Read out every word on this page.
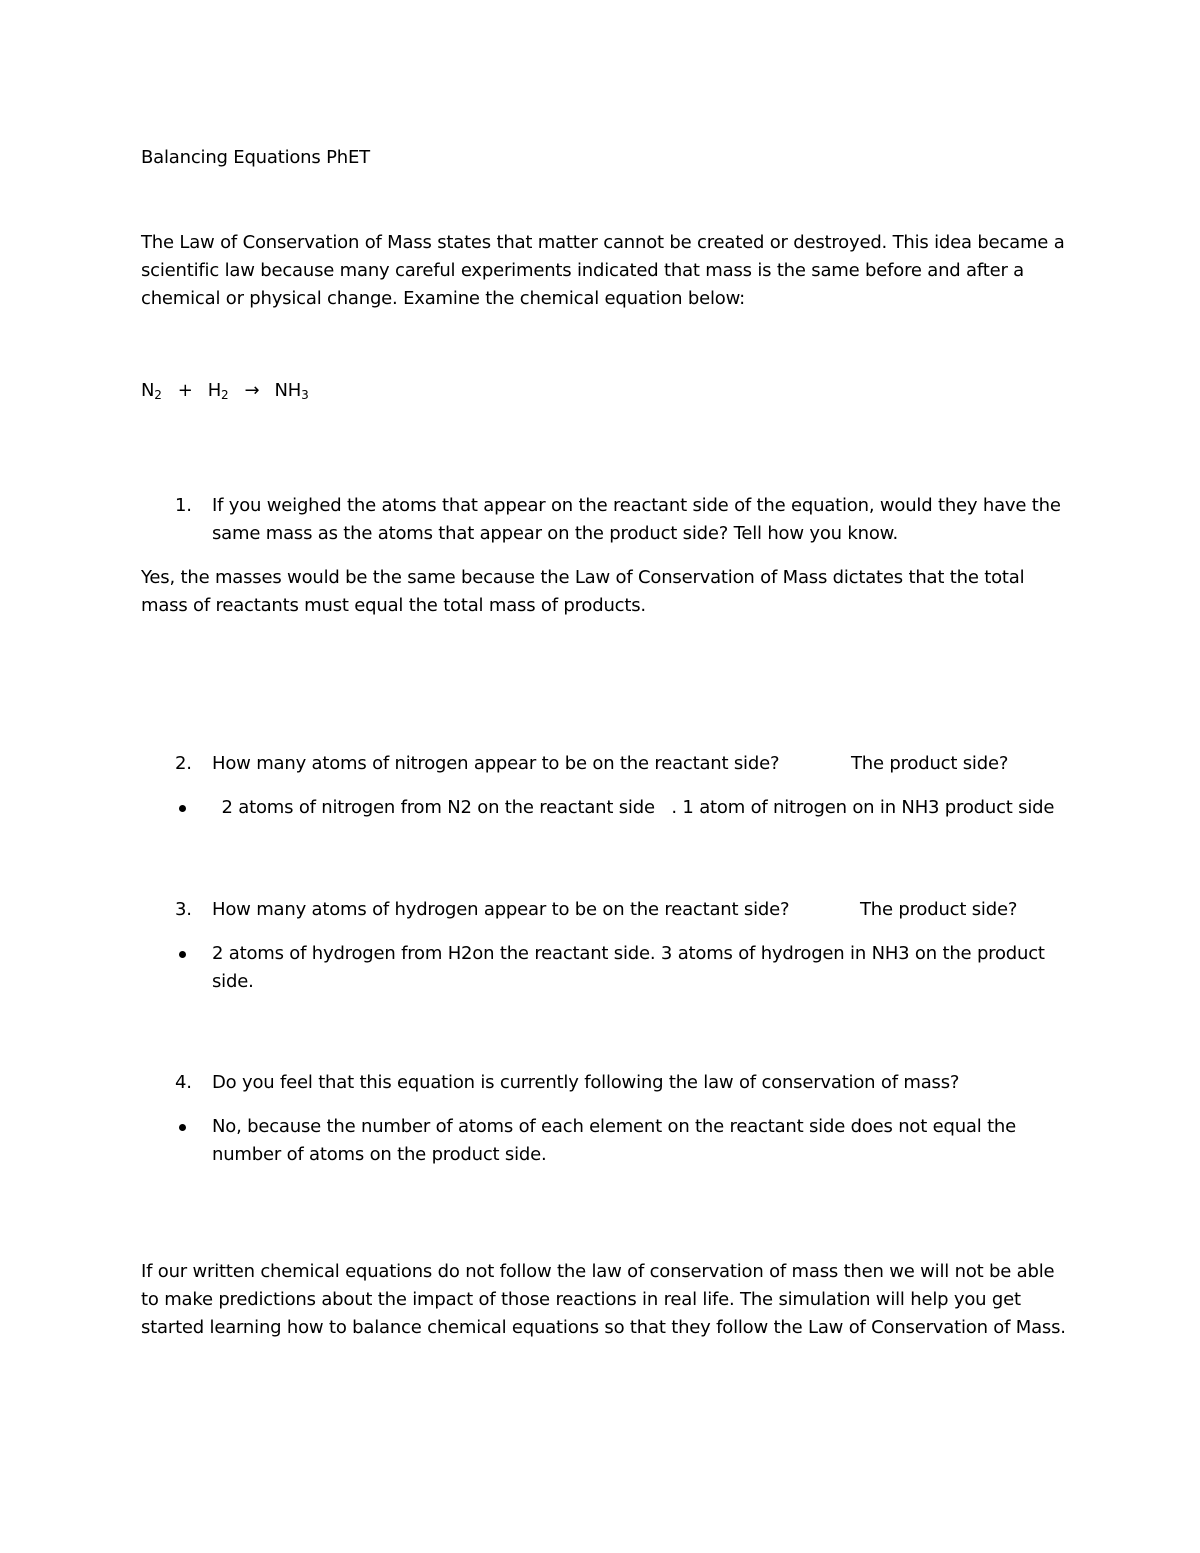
Balancing Equations PhET

The Law of Conservation of Mass states that matter cannot be created or destroyed. This idea became a scientific law because many careful experiments indicated that mass is the same before and after a chemical or physical change. Examine the chemical equation below:

$N_2 + H_2 \to NH_3$

1. If you weighed the atoms that appear on the reactant side of the equation, would they have the same mass as the atoms that appear on the product side? Tell how you know.

Yes, the masses would be the same because the Law of Conservation of Mass dictates that the total mass of reactants must equal the total mass of products.

2. How many atoms of nitrogen appear to be on the reactant side?	The product side?
2 atoms of nitrogen from N2 on the reactant side   . 1 atom of nitrogen on in NH3 product side
3. How many atoms of hydrogen appear to be on the reactant side?	The product side?
2 atoms of hydrogen from H2on the reactant side. 3 atoms of hydrogen in NH3 on the product side.
4. Do you feel that this equation is currently following the law of conservation of mass?
No, because the number of atoms of each element on the reactant side does not equal the number of atoms on the product side.

If our written chemical equations do not follow the law of conservation of mass then we will not be able to make predictions about the impact of those reactions in real life. The simulation will help you get started learning how to balance chemical equations so that they follow the Law of Conservation of Mass.
